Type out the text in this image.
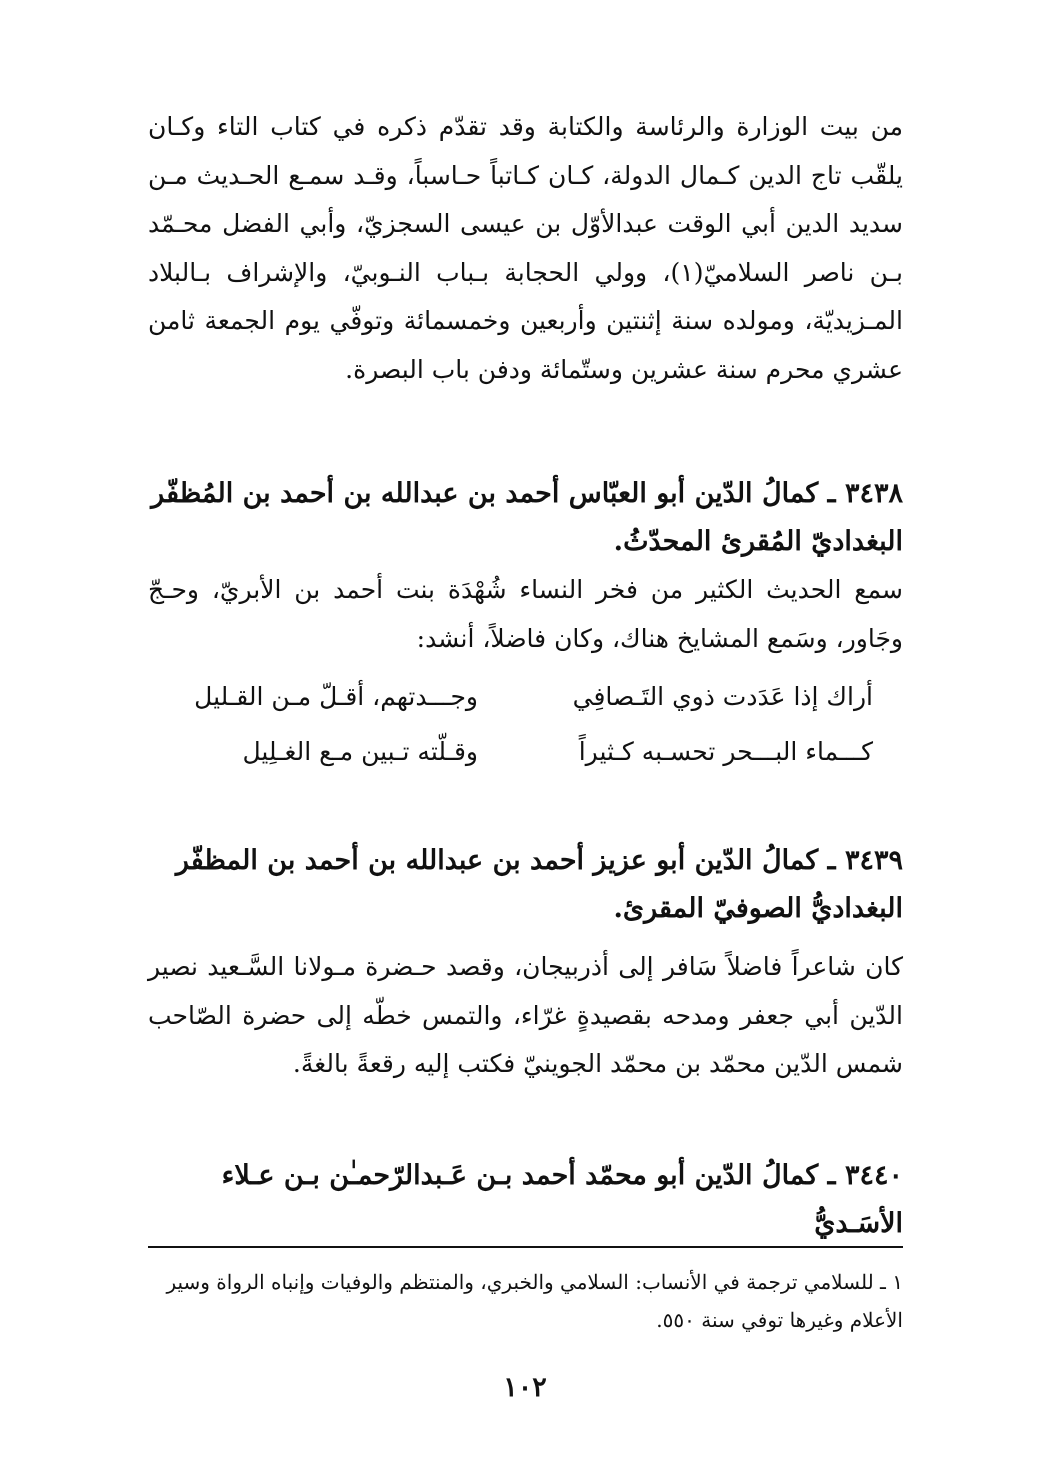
من بيت الوزارة والرئاسة والكتابة وقد تقدّم ذكره في كتاب التاء وكـان يلقّب تاج الدين كـمال الدولة، كـان كـاتباً حـاسباً، وقـد سمـع الحـديث مـن سديد الدين أبي الوقت عبدالأوّل بن عيسى السجزيّ، وأبي الفضل محـمّد بـن ناصر السلاميّ(١)، وولي الحجابة بـباب النـوبيّ، والإشراف بـالبلاد المـزيديّة، ومولده سنة إثنتين وأربعين وخمسمائة وتوفّي يوم الجمعة ثامن عشري محرم سنة عشرين وستّمائة ودفن باب البصرة.

٣٤٣٨ ـ كمالُ الدّين أبو العبّاس أحمد بن عبدالله بن أحمد بن المُظفّر البغداديّ المُقرئ المحدّثُ.

سمع الحديث الكثير من فخر النساء شُهْدَة بنت أحمد بن الأبريّ، وحـجّ وجَاور، وسَمع المشايخ هناك، وكان فاضلاً، أنشد:

أراك إذا عَدَدت ذوي التَـصافِي
وجـــدتهم، أقـلّ مـن القـليل
كـــماء البـــحر تحسـبه كـثيراً
وقـلّته تـبين مـع الغـلِيل
٣٤٣٩ ـ كمالُ الدّين أبو عزيز أحمد بن عبدالله بن أحمد بن المظفّر البغداديُّ الصوفيّ المقرئ.

كان شاعراً فاضلاً سَافر إلى أذربيجان، وقصد حـضرة مـولانا السَّـعيد نصير الدّين أبي جعفر ومدحه بقصيدةٍ غرّاء، والتمس خطّه إلى حضرة الصّاحب شمس الدّين محمّد بن محمّد الجوينيّ فكتب إليه رقعةً بالغةً.

٣٤٤٠ ـ كمالُ الدّين أبو محمّد أحمد بـن عَـبدالرّحمـٰن بـن عـلاء الأسَـديُّ

١ ـ للسلامي ترجمة في الأنساب: السلامي والخبري، والمنتظم والوفيات وإنباه الرواة وسير الأعلام وغيرها توفي سنة ٥٥٠.

١٠٢
